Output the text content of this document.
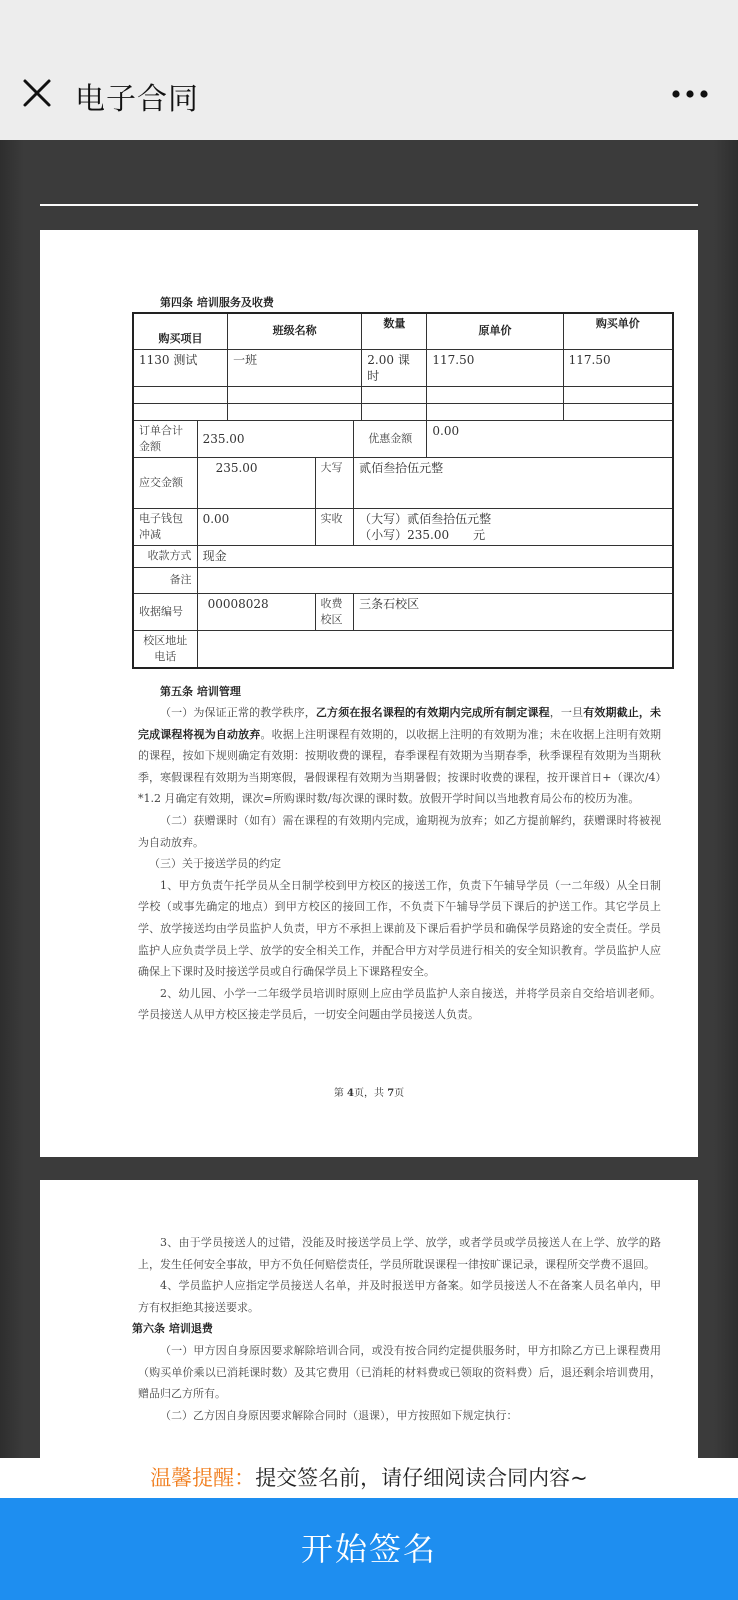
电子合同
第四条 培训服务及收费
购买项目		班级名称			数量	原单价	购买单价
1130 测试		一班			2.00 课时	117.50	117.50

订单合计金额	235.00			优惠金额		0.00	
应交金额	235.00		大写	贰佰叁拾伍元整			
电子钱包冲减	0.00		实收	（大写）贰佰叁拾伍元整
（小写）235.00　　元			

收款方式	现金						
备注							
收据编号	00008028		收费校区	三条石校区			
校区地址电话							
第五条 培训管理

（一）为保证正常的教学秩序，乙方须在报名课程的有效期内完成所有制定课程，一旦有效期截止，未完成课程将视为自动放弃。收据上注明课程有效期的，以收据上注明的有效期为准；未在收据上注明有效期的课程，按如下规则确定有效期：按期收费的课程，春季课程有效期为当期春季，秋季课程有效期为当期秋季，寒假课程有效期为当期寒假，暑假课程有效期为当期暑假；按课时收费的课程，按开课首日+（课次/4）*1.2 月确定有效期，课次=所购课时数/每次课的课时数。放假开学时间以当地教育局公布的校历为准。

（二）获赠课时（如有）需在课程的有效期内完成，逾期视为放弃；如乙方提前解约，获赠课时将被视为自动放弃。

（三）关于接送学员的约定

1、甲方负责午托学员从全日制学校到甲方校区的接送工作，负责下午辅导学员（一二年级）从全日制学校（或事先确定的地点）到甲方校区的接回工作，不负责下午辅导学员下课后的护送工作。其它学员上学、放学接送均由学员监护人负责，甲方不承担上课前及下课后看护学员和确保学员路途的安全责任。学员监护人应负责学员上学、放学的安全相关工作，并配合甲方对学员进行相关的安全知识教育。学员监护人应确保上下课时及时接送学员或自行确保学员上下课路程安全。

2、幼儿园、小学一二年级学员培训时原则上应由学员监护人亲自接送，并将学员亲自交给培训老师。学员接送人从甲方校区接走学员后，一切安全问题由学员接送人负责。

第 4页，共 7页

3、由于学员接送人的过错，没能及时接送学员上学、放学，或者学员或学员接送人在上学、放学的路上，发生任何安全事故，甲方不负任何赔偿责任，学员所耽误课程一律按旷课记录，课程所交学费不退回。

4、学员监护人应指定学员接送人名单，并及时报送甲方备案。如学员接送人不在备案人员名单内，甲方有权拒绝其接送要求。

第六条 培训退费

（一）甲方因自身原因要求解除培训合同，或没有按合同约定提供服务时，甲方扣除乙方已上课程费用（购买单价乘以已消耗课时数）及其它费用（已消耗的材料费或已领取的资料费）后，退还剩余培训费用，赠品归乙方所有。

（二）乙方因自身原因要求解除合同时（退课），甲方按照如下规定执行：

温馨提醒：提交签名前，请仔细阅读合同内容~
开始签名
